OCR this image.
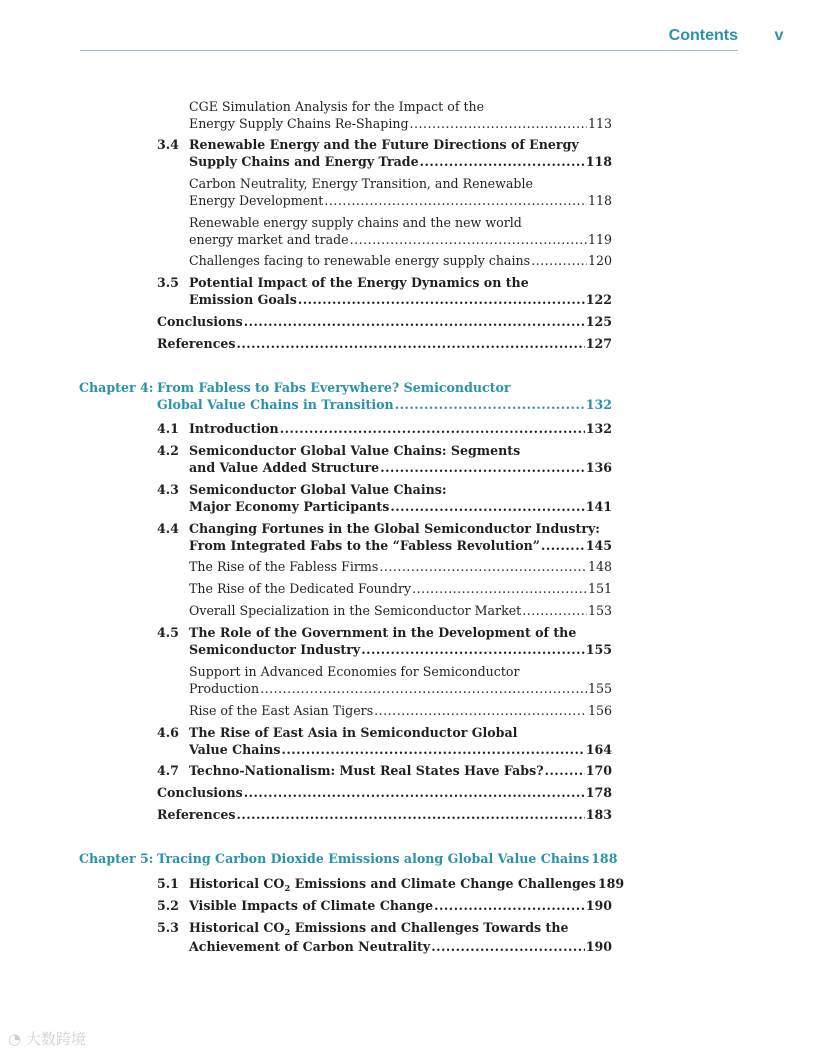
Contents v
CGE Simulation Analysis for the Impact of the
Energy Supply Chains Re-Shaping .....	113
3.4 Renewable Energy and the Future Directions of Energy
Supply Chains and Energy Trade .....	118
Carbon Neutrality, Energy Transition, and Renewable
Energy Development .....	118
Renewable energy supply chains and the new world
energy market and trade .....	119
Challenges facing to renewable energy supply chains .....	120
3.5 Potential Impact of the Energy Dynamics on the
Emission Goals .....	122
Conclusions .....	125
References .....	127
Chapter 4: From Fabless to Fabs Everywhere? Semiconductor
Global Value Chains in Transition .....	132
4.1 Introduction .....	132
4.2 Semiconductor Global Value Chains: Segments
and Value Added Structure .....	136
4.3 Semiconductor Global Value Chains:
Major Economy Participants .....	141
4.4 Changing Fortunes in the Global Semiconductor Industry:
From Integrated Fabs to the “Fabless Revolution” .....	145
The Rise of the Fabless Firms .....	148
The Rise of the Dedicated Foundry .....	151
Overall Specialization in the Semiconductor Market .....	153
4.5 The Role of the Government in the Development of the
Semiconductor Industry .....	155
Support in Advanced Economies for Semiconductor
Production .....	155
Rise of the East Asian Tigers .....	156
4.6 The Rise of East Asia in Semiconductor Global
Value Chains .....	164
4.7 Techno-Nationalism: Must Real States Have Fabs? .....	170
Conclusions .....	178
References .....	183
Chapter 5: Tracing Carbon Dioxide Emissions along Global Value Chains 188
5.1 Historical $CO_2$ Emissions and Climate Change Challenges 189
5.2 Visible Impacts of Climate Change .....	190
5.3 Historical $CO_2$ Emissions and Challenges Towards the
Achievement of Carbon Neutrality .....	190
◔ 大数跨境
